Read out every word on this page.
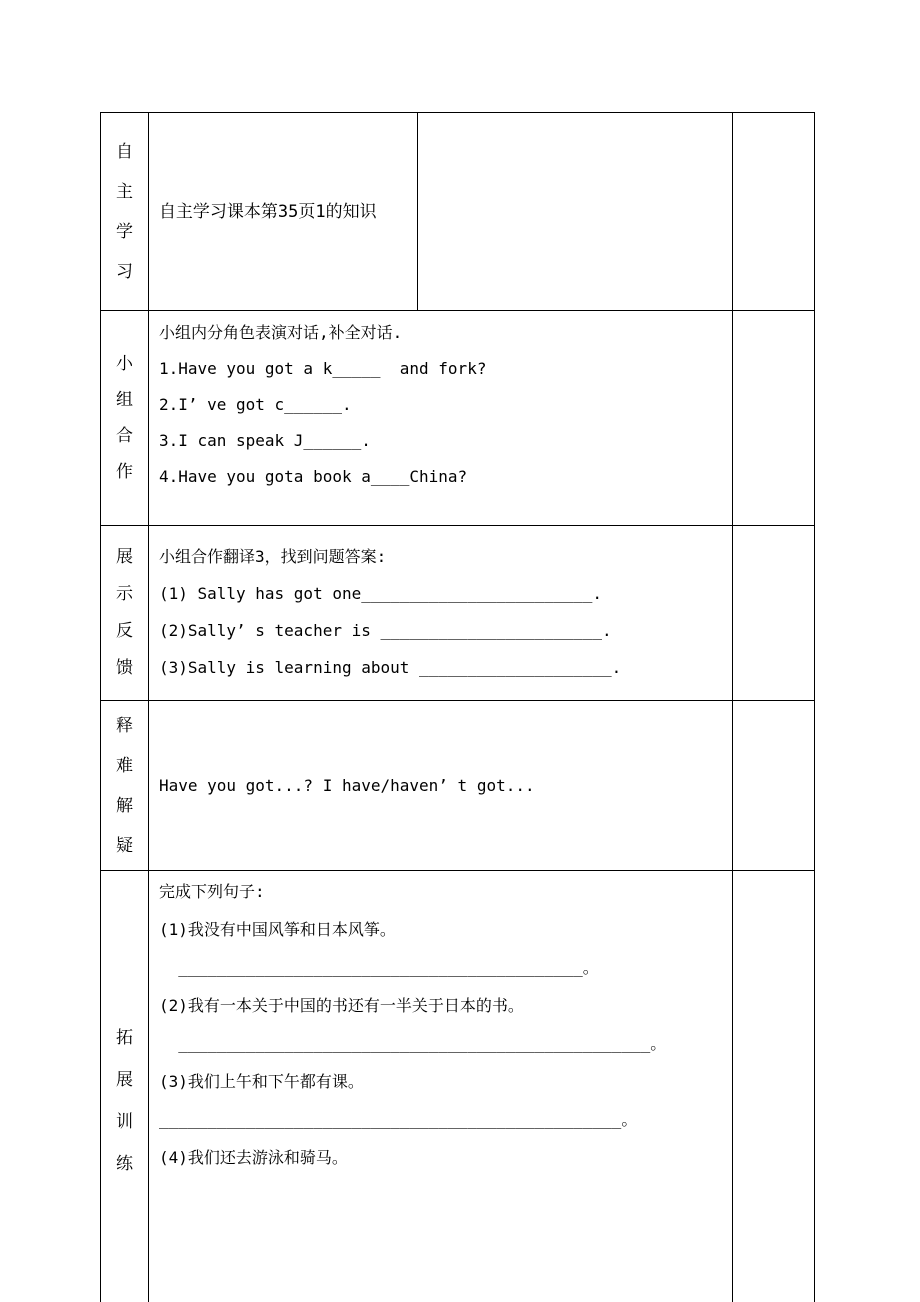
自主学习
自主学习课本第35页1的知识
小组合作
小组内分角色表演对话,补全对话.
1.Have you got a k_____  and fork?
2.I’ ve got c______.
3.I can speak J______.
4.Have you gota book a____China?
展示反馈
小组合作翻译3，找到问题答案:
(1) Sally has got one________________________.
(2)Sally’ s teacher is _______________________.
(3)Sally is learning about ____________________.
释难解疑
Have you got...? I have/haven’ t got...
拓展训练
完成下列句子:
(1)我没有中国风筝和日本风筝。
__________________________________________。
(2)我有一本关于中国的书还有一半关于日本的书。
_________________________________________________。
(3)我们上午和下午都有课。
________________________________________________。
(4)我们还去游泳和骑马。
